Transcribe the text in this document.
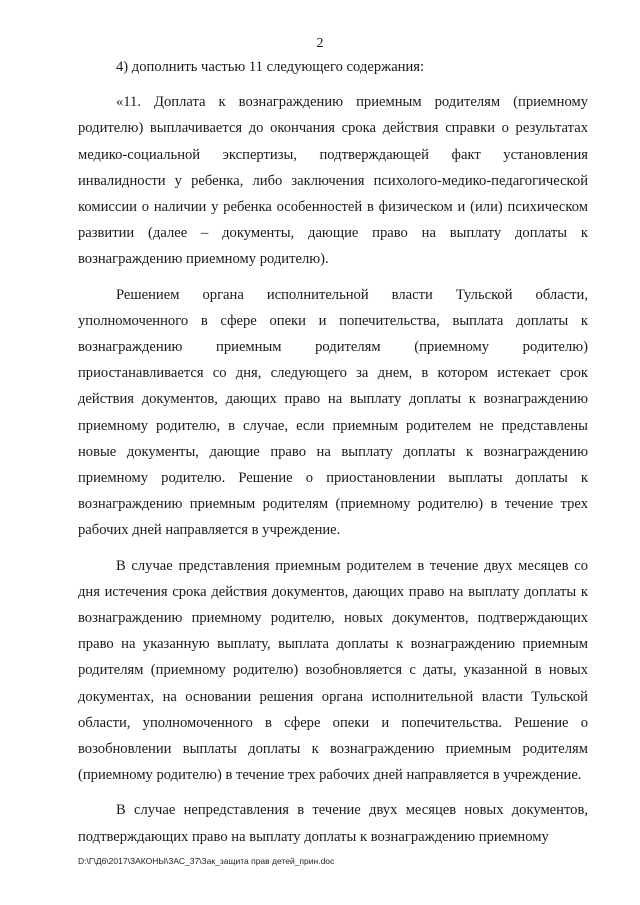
2

4) дополнить частью 11 следующего содержания:

«11. Доплата к вознаграждению приемным родителям (приемному родителю) выплачивается до окончания срока действия справки о результатах медико-социальной экспертизы, подтверждающей факт установления инвалидности у ребенка, либо заключения психолого-медико-педагогической комиссии о наличии у ребенка особенностей в физическом и (или) психическом развитии (далее – документы, дающие право на выплату доплаты к вознаграждению приемному родителю).

Решением органа исполнительной власти Тульской области, уполномоченного в сфере опеки и попечительства, выплата доплаты к вознаграждению приемным родителям (приемному родителю) приостанавливается со дня, следующего за днем, в котором истекает срок действия документов, дающих право на выплату доплаты к вознаграждению приемному родителю, в случае, если приемным родителем не представлены новые документы, дающие право на выплату доплаты к вознаграждению приемному родителю. Решение о приостановлении выплаты доплаты к вознаграждению приемным родителям (приемному родителю) в течение трех рабочих дней направляется в учреждение.

В случае представления приемным родителем в течение двух месяцев со дня истечения срока действия документов, дающих право на выплату доплаты к вознаграждению приемному родителю, новых документов, подтверждающих право на указанную выплату, выплата доплаты к вознаграждению приемным родителям (приемному родителю) возобновляется с даты, указанной в новых документах, на основании решения органа исполнительной власти Тульской области, уполномоченного в сфере опеки и попечительства. Решение о возобновлении выплаты доплаты к вознаграждению приемным родителям (приемному родителю) в течение трех рабочих дней направляется в учреждение.

В случае непредставления в течение двух месяцев новых документов, подтверждающих право на выплату доплаты к вознаграждению приемному

D:\Г\Д6\2017\ЗАКОНЫ\ЗАС_37\Зак_защита прав детей_прин.doc
